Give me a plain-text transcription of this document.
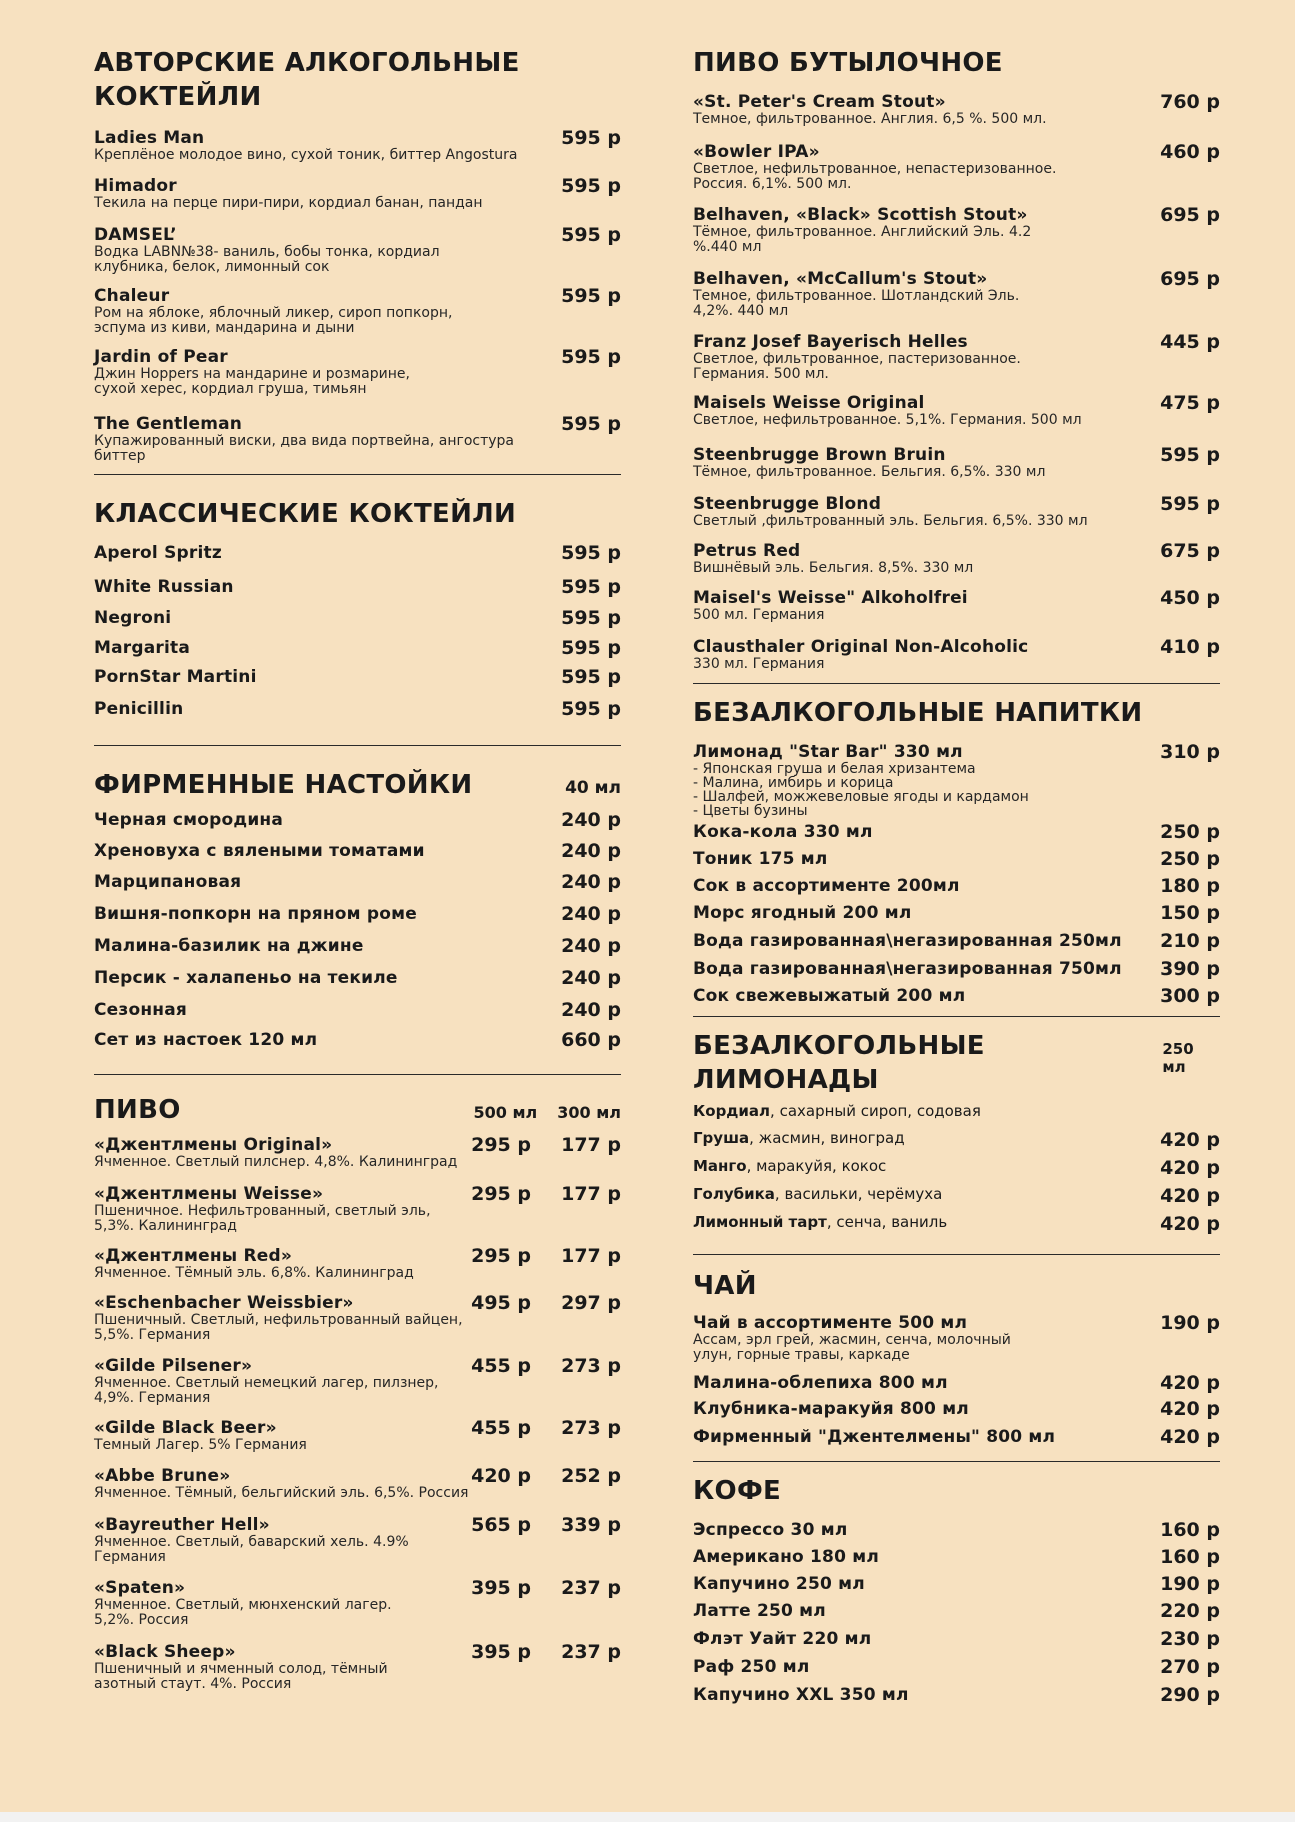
АВТОРСКИЕ АЛКОГОЛЬНЫЕ КОКТЕЙЛИ
Ladies Man
Креплёное молодое вино, сухой тоник, биттер Angostura
595 р
Himador
Текила на перце пири-пири, кордиал банан, пандан
595 р
DAMSEL’
Водка LABN№38- ваниль, бобы тонка, кордиал клубника, белок, лимонный сок
595 р
Chaleur
Ром на яблоке, яблочный ликер, сироп попкорн, эспума из киви, мандарина и дыни
595 р
Jardin of Pear
Джин Hoppers на мандарине и розмарине, сухой херес, кордиал груша, тимьян
595 р
The Gentleman
Купажированный виски, два вида портвейна, ангостура биттер
595 р
КЛАССИЧЕСКИЕ КОКТЕЙЛИ
Aperol Spritz	595 р
White Russian	595 р
Negroni	595 р
Margarita	595 р
PornStar Martini	595 р
Penicillin	595 р
ФИРМЕННЫЕ НАСТОЙКИ	40 мл
Черная смородина	240 р
Хреновуха с вялеными томатами	240 р
Марципановая	240 р
Вишня-попкорн на пряном роме	240 р
Малина-базилик на джине	240 р
Персик - халапеньо на текиле	240 р
Сезонная	240 р
Сет из настоек 120 мл	660 р
ПИВО	500 мл 300 мл
«Джентлмены Original»
Ячменное. Светлый пилснер. 4,8%. Калининград
295 р	177 р
«Джентлмены Weisse»
Пшеничное. Нефильтрованный, светлый эль, 5,3%. Калининград
295 р	177 р
«Джентлмены Red»
Ячменное. Тёмный эль. 6,8%. Калининград
295 р	177 р
«Eschenbacher Weissbier»
Пшеничный. Светлый, нефильтрованный вайцен, 5,5%. Германия
495 р	297 р
«Gilde Pilsener»
Ячменное. Светлый немецкий лагер, пилзнер, 4,9%. Германия
455 р	273 р
«Gilde Black Beer»
Темный Лагер. 5% Германия
455 р	273 р
«Abbe Brune»
Ячменное. Тёмный, бельгийский эль. 6,5%. Россия
420 р	252 р
«Bayreuther Hell»
Ячменное. Светлый, баварский хель. 4.9% Германия
565 р	339 р
«Spaten»
Ячменное. Светлый, мюнхенский лагер. 5,2%. Россия
395 р	237 р
«Black Sheep»
Пшеничный и ячменный солод, тёмный азотный стаут. 4%. Россия
395 р	237 р
ПИВО БУТЫЛОЧНОЕ
«St. Peter's Cream Stout»
Темное, фильтрованное. Англия. 6,5 %. 500 мл.
760 р
«Bowler IPA»
Светлое, нефильтрованное, непастеризованное. Россия. 6,1%. 500 мл.
460 р
Belhaven, «Black» Scottish Stout»
Тёмное, фильтрованное. Английский Эль. 4.2 %.440 мл
695 р
Belhaven, «McCallum's Stout»
Темное, фильтрованное. Шотландский Эль. 4,2%. 440 мл
695 р
Franz Josef Bayerisch Helles
Светлое, фильтрованное, пастеризованное. Германия. 500 мл.
445 р
Maisels Weisse Original
Светлое, нефильтрованное. 5,1%. Германия. 500 мл
475 р
Steenbrugge Brown Bruin
Тёмное, фильтрованное. Бельгия. 6,5%. 330 мл
595 р
Steenbrugge Blond
Светлый ,фильтрованный эль. Бельгия. 6,5%. 330 мл
595 р
Petrus Red
Вишнёвый эль. Бельгия. 8,5%. 330 мл
675 р
Maisel's Weisse" Alkoholfrei
500 мл. Германия
450 р
Clausthaler Original Non-Alcoholic
330 мл. Германия
410 р
БЕЗАЛКОГОЛЬНЫЕ НАПИТКИ
Лимонад "Star Bar" 330 мл
- Японская груша и белая хризантема
- Малина, имбирь и корица
- Шалфей, можжевеловые ягоды и кардамон
- Цветы бузины
310 р
Кока-кола 330 мл	250 р
Тоник 175 мл	250 р
Сок в ассортименте 200мл	180 р
Морс ягодный 200 мл	150 р
Вода газированная\негазированная 250мл 210 р
Вода газированная\негазированная 750мл 390 р
Сок свежевыжатый 200 мл	300 р
БЕЗАЛКОГОЛЬНЫЕ ЛИМОНАДЫ
250 мл
Кордиал, сахарный сироп, содовая
Груша, жасмин, виноград	420 р
Манго, маракуйя, кокос	420 р
Голубика, васильки, черёмуха	420 р
Лимонный тарт, сенча, ваниль	420 р
ЧАЙ
Чай в ассортименте 500 мл
Ассам, эрл грей, жасмин, сенча, молочный улун, горные травы, каркаде
190 р
Малина-облепиха 800 мл	420 р
Клубника-маракуйя 800 мл	420 р
Фирменный "Джентелмены" 800 мл	420 р
КОФЕ
Эспрессо 30 мл	160 р
Американо 180 мл	160 р
Капучино 250 мл	190 р
Латте 250 мл	220 р
Флэт Уайт 220 мл	230 р
Раф 250 мл	270 р
Капучино XXL 350 мл	290 р
